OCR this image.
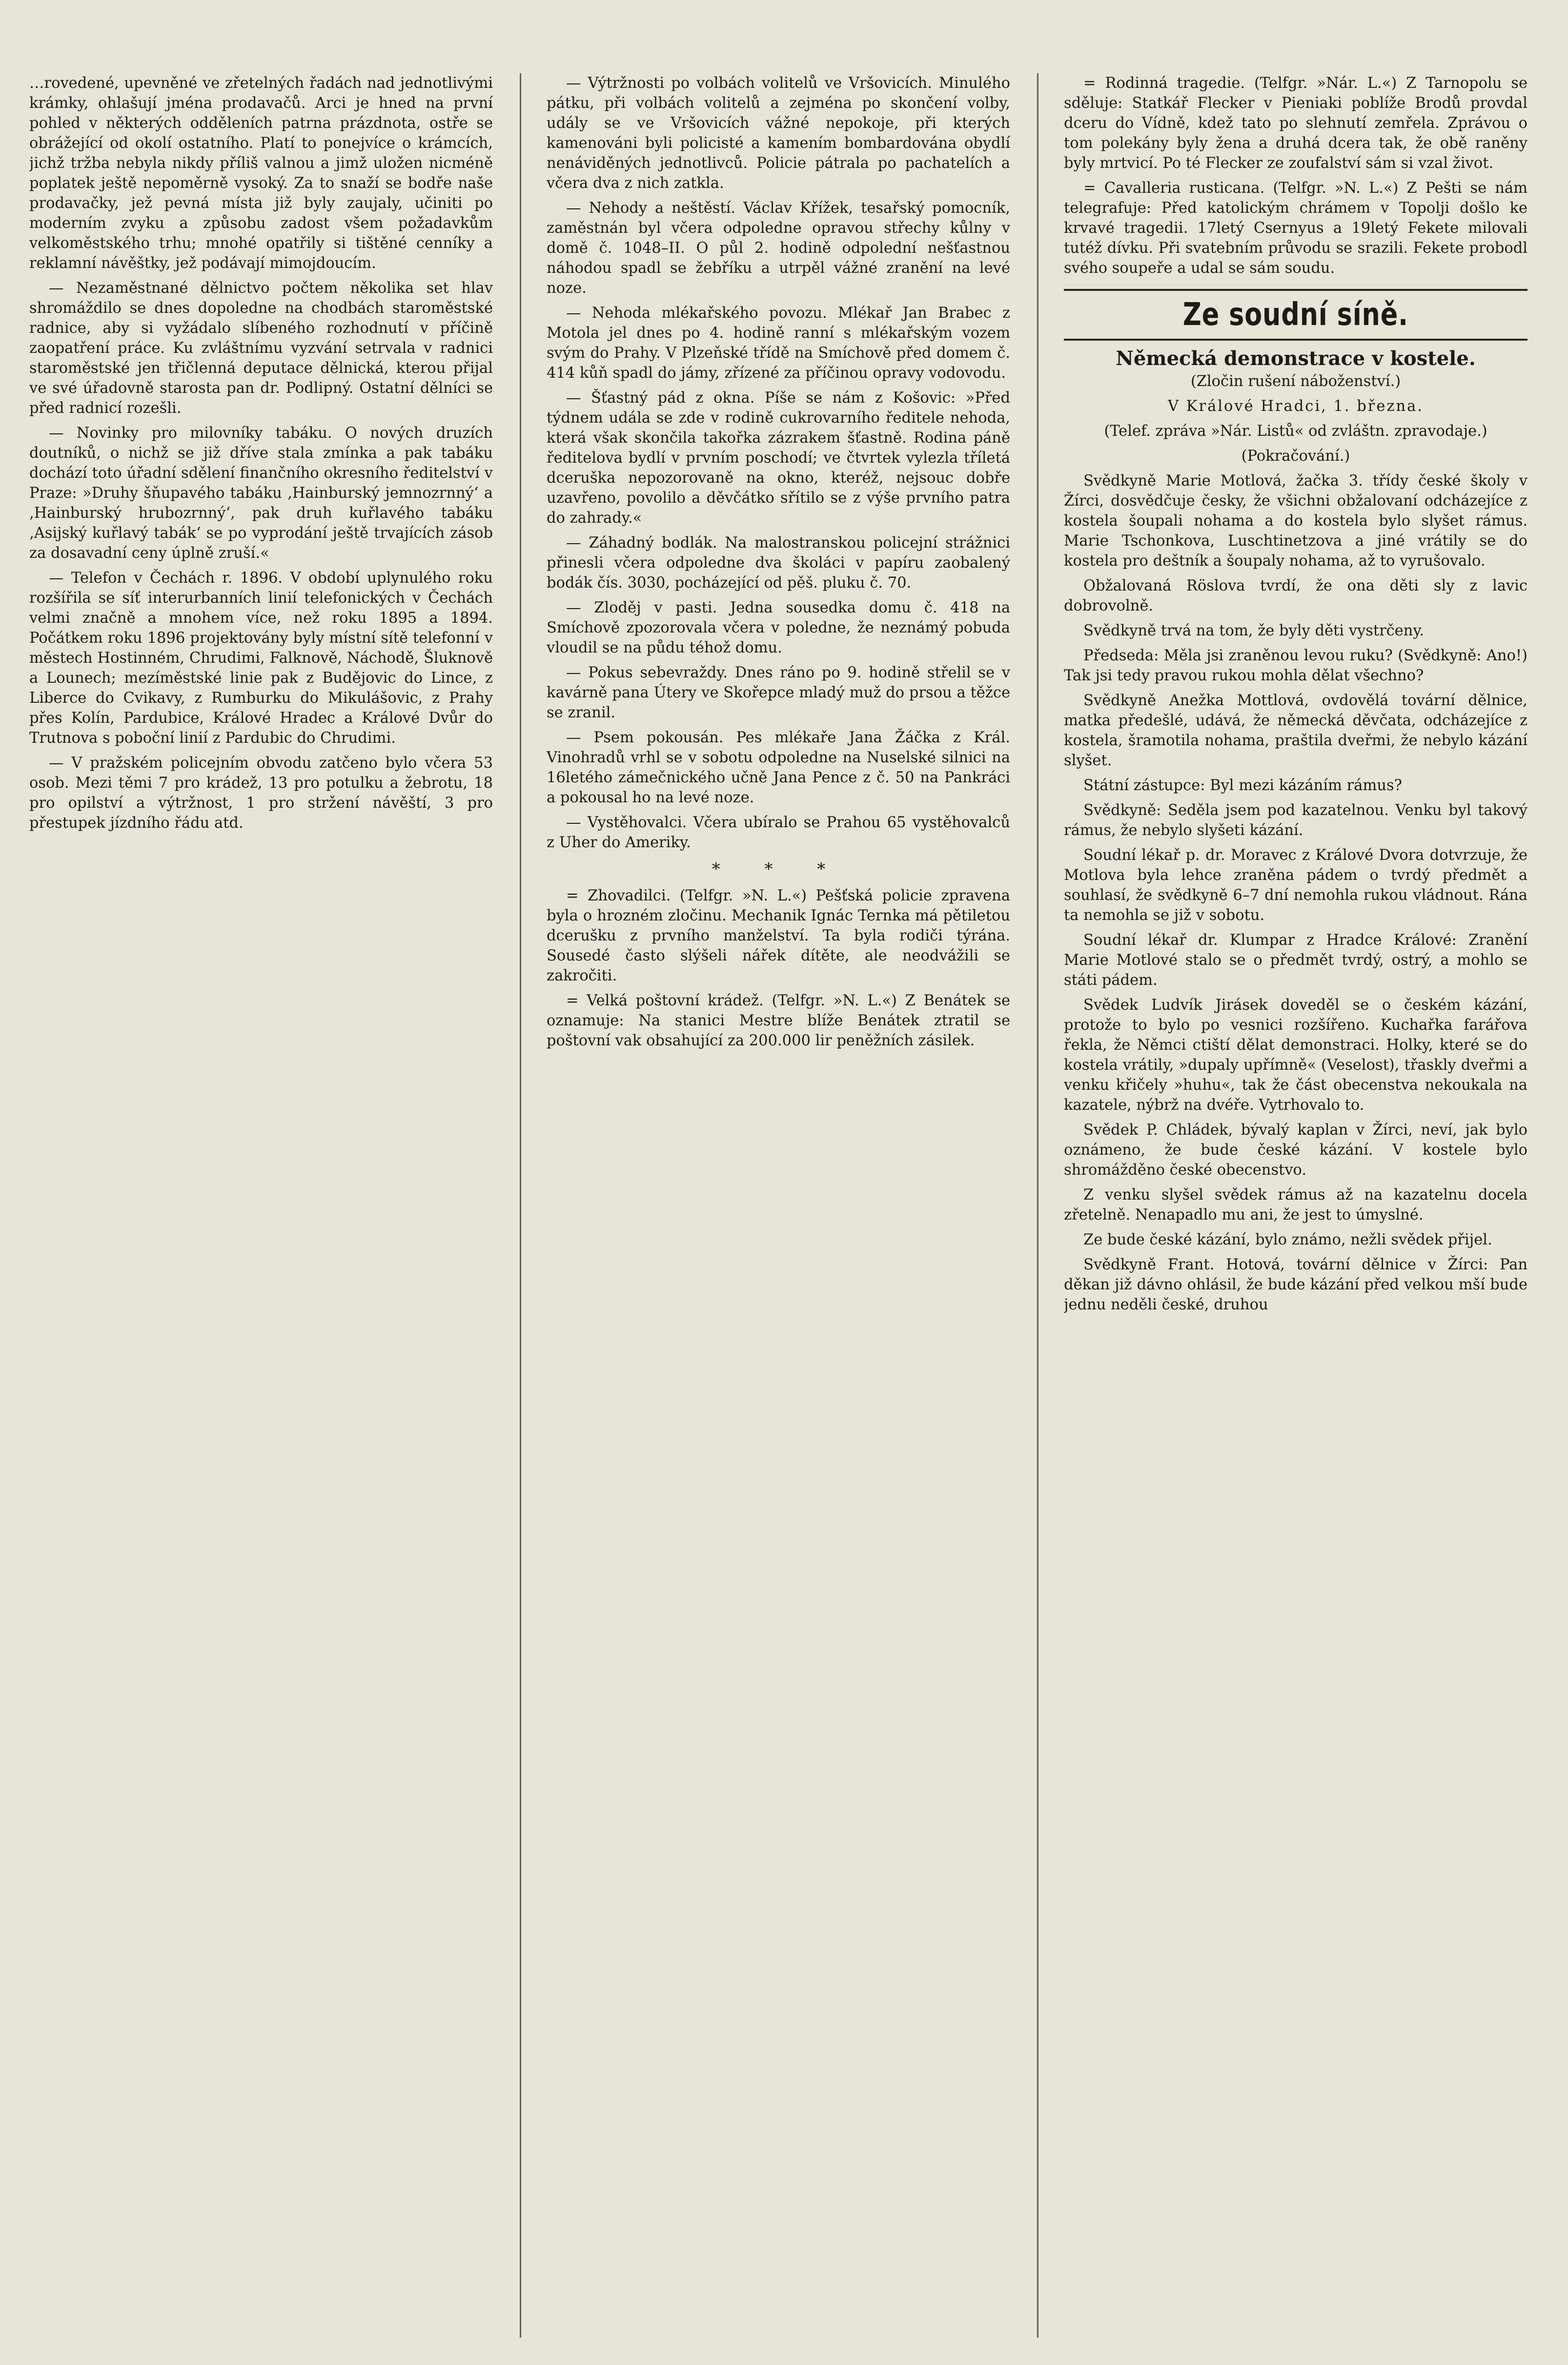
…rovedené, upevněné ve zřetelných řadách nad jednotlivými krámky, ohlašují jména prodavačů. Arci je hned na první pohled v některých odděleních patrna prázdnota, ostře se obrážející od okolí ostatního. Platí to ponejvíce o krámcích, jichž tržba nebyla nikdy příliš valnou a jimž uložen nicméně poplatek ještě nepoměrně vysoký. Za to snaží se bodře naše prodavačky, jež pevná místa již byly zaujaly, učiniti po moderním zvyku a způsobu zadost všem požadavkům velkoměstského trhu; mnohé opatřily si tištěné cenníky a reklamní návěštky, jež podávají mimojdoucím.

— Nezaměstnané dělnictvo počtem několika set hlav shromáždilo se dnes dopoledne na chodbách staroměstské radnice, aby si vyžádalo slíbeného rozhodnutí v příčině zaopatření práce. Ku zvláštnímu vyzvání setrvala v radnici staroměstské jen třičlenná deputace dělnická, kterou přijal ve své úřadovně starosta pan dr. Podlipný. Ostatní dělníci se před radnicí rozešli.

— Novinky pro milovníky tabáku. O nových druzích doutníků, o nichž se již dříve stala zmínka a pak tabáku dochází toto úřadní sdělení finančního okresního ředitelství v Praze: »Druhy šňupavého tabáku ‚Hainburský jemnozrnný‘ a ‚Hainburský hrubozrnný‘, pak druh kuřlavého tabáku ‚Asijský kuřlavý tabák‘ se po vyprodání ještě trvajících zásob za dosavadní ceny úplně zruší.«

— Telefon v Čechách r. 1896. V období uplynulého roku rozšířila se síť interurbanních linií telefonických v Čechách velmi značně a mnohem více, než roku 1895 a 1894. Počátkem roku 1896 projektovány byly místní sítě telefonní v městech Hostinném, Chrudimi, Falknově, Náchodě, Šluknově a Lounech; mezíměstské linie pak z Budějovic do Lince, z Liberce do Cvikavy, z Rumburku do Mikulášovic, z Prahy přes Kolín, Pardubice, Králové Hradec a Králové Dvůr do Trutnova s poboční linií z Pardubic do Chrudimi.

— V pražském policejním obvodu zatčeno bylo včera 53 osob. Mezi těmi 7 pro krádež, 13 pro potulku a žebrotu, 18 pro opilství a výtržnost, 1 pro stržení návěští, 3 pro přestupek jízdního řádu atd.

— Výtržnosti po volbách volitelů ve Vršovicích. Minulého pátku, při volbách volitelů a zejména po skončení volby, udály se ve Vršovicích vážné nepokoje, při kterých kamenováni byli policisté a kamením bombardována obydlí nenáviděných jednotlivců. Policie pátrala po pachatelích a včera dva z nich zatkla.

— Nehody a neštěstí. Václav Křížek, tesařský pomocník, zaměstnán byl včera odpoledne opravou střechy kůlny v domě č. 1048–II. O půl 2. hodině odpolední nešťastnou náhodou spadl se žebříku a utrpěl vážné zranění na levé noze.

— Nehoda mlékařského povozu. Mlékař Jan Brabec z Motola jel dnes po 4. hodině ranní s mlékařským vozem svým do Prahy. V Plzeňské třídě na Smíchově před domem č. 414 kůň spadl do jámy, zřízené za příčinou opravy vodovodu.

— Šťastný pád z okna. Píše se nám z Košovic: »Před týdnem udála se zde v rodině cukrovarního ředitele nehoda, která však skončila takořka zázrakem šťastně. Rodina páně ředitelova bydlí v prvním poschodí; ve čtvrtek vylezla tříletá dceruška nepozorovaně na okno, kteréž, nejsouc dobře uzavřeno, povolilo a děvčátko sřítilo se z výše prvního patra do zahrady.«

— Záhadný bodlák. Na malostranskou policejní strážnici přinesli včera odpoledne dva školáci v papíru zaobalený bodák čís. 3030, pocházející od pěš. pluku č. 70.

— Zloděj v pasti. Jedna sousedka domu č. 418 na Smíchově zpozorovala včera v poledne, že neznámý pobuda vloudil se na půdu téhož domu.

— Pokus sebevraždy. Dnes ráno po 9. hodině střelil se v kavárně pana Útery ve Skořepce mladý muž do prsou a těžce se zranil.

— Psem pokousán. Pes mlékaře Jana Žáčka z Král. Vinohradů vrhl se v sobotu odpoledne na Nuselské silnici na 16letého zámečnického učně Jana Pence z č. 50 na Pankráci a pokousal ho na levé noze.

— Vystěhovalci. Včera ubíralo se Prahou 65 vystěhovalců z Uher do Ameriky.

* * *

= Zhovadilci. (Telfgr. »N. L.«) Pešťská policie zpravena byla o hrozném zločinu. Mechanik Ignác Ternka má pětiletou dcerušku z prvního manželství. Ta byla rodiči týrána. Sousedé často slýšeli nářek dítěte, ale neodvážili se zakročiti.

= Velká poštovní krádež. (Telfgr. »N. L.«) Z Benátek se oznamuje: Na stanici Mestre blíže Benátek ztratil se poštovní vak obsahující za 200.000 lir peněžních zásilek.

= Rodinná tragedie. (Telfgr. »Nár. L.«) Z Tarnopolu se sděluje: Statkář Flecker v Pieniaki poblíže Brodů provdal dceru do Vídně, kdež tato po slehnutí zemřela. Zprávou o tom polekány byly žena a druhá dcera tak, že obě raněny byly mrtvicí. Po té Flecker ze zoufalství sám si vzal život.

= Cavalleria rusticana. (Telfgr. »N. L.«) Z Pešti se nám telegrafuje: Před katolickým chrámem v Topolji došlo ke krvavé tragedii. 17letý Csernyus a 19letý Fekete milovali tutéž dívku. Při svatebním průvodu se srazili. Fekete probodl svého soupeře a udal se sám soudu.

Ze soudní síně.

Německá demonstrace v kostele.

(Zločin rušení náboženství.)

V Králové Hradci, 1. března.

(Telef. zpráva »Nár. Listů« od zvláštn. zpravodaje.)

(Pokračování.)

Svědkyně Marie Motlová, žačka 3. třídy české školy v Žírci, dosvědčuje česky, že všichni obžalovaní odcházejíce z kostela šoupali nohama a do kostela bylo slyšet rámus. Marie Tschonkova, Luschtinetzova a jiné vrátily se do kostela pro deštník a šoupaly nohama, až to vyrušovalo.

Obžalovaná Röslova tvrdí, že ona děti sly z lavic dobrovolně.

Svědkyně trvá na tom, že byly děti vystrčeny.

Předseda: Měla jsi zraněnou levou ruku? (Svědkyně: Ano!) Tak jsi tedy pravou rukou mohla dělat všechno?

Svědkyně Anežka Mottlová, ovdovělá tovární dělnice, matka předešlé, udává, že německá děvčata, odcházejíce z kostela, šramotila nohama, praštila dveřmi, že nebylo kázání slyšet.

Státní zástupce: Byl mezi kázáním rámus?

Svědkyně: Seděla jsem pod kazatelnou. Venku byl takový rámus, že nebylo slyšeti kázání.

Soudní lékař p. dr. Moravec z Králové Dvora dotvrzuje, že Motlova byla lehce zraněna pádem o tvrdý předmět a souhlasí, že svědkyně 6–7 dní nemohla rukou vládnout. Rána ta nemohla se již v sobotu.

Soudní lékař dr. Klumpar z Hradce Králové: Zranění Marie Motlové stalo se o předmět tvrdý, ostrý, a mohlo se státi pádem.

Svědek Ludvík Jirásek doveděl se o českém kázání, protože to bylo po vesnici rozšířeno. Kuchařka farářova řekla, že Němci ctiští dělat demonstraci. Holky, které se do kostela vrátily, »dupaly upřímně« (Veselost), třaskly dveřmi a venku křičely »huhu«, tak že část obecenstva nekoukala na kazatele, nýbrž na dvéře. Vytrhovalo to.

Svědek P. Chládek, bývalý kaplan v Žírci, neví, jak bylo oznámeno, že bude české kázání. V kostele bylo shromážděno české obecenstvo.

Z venku slyšel svědek rámus až na kazatelnu docela zřetelně. Nenapadlo mu ani, že jest to úmyslné.

Ze bude české kázání, bylo známo, nežli svědek přijel.

Svědkyně Frant. Hotová, tovární dělnice v Žírci: Pan děkan již dávno ohlásil, že bude kázání před velkou mší bude jednu neděli české, druhou
